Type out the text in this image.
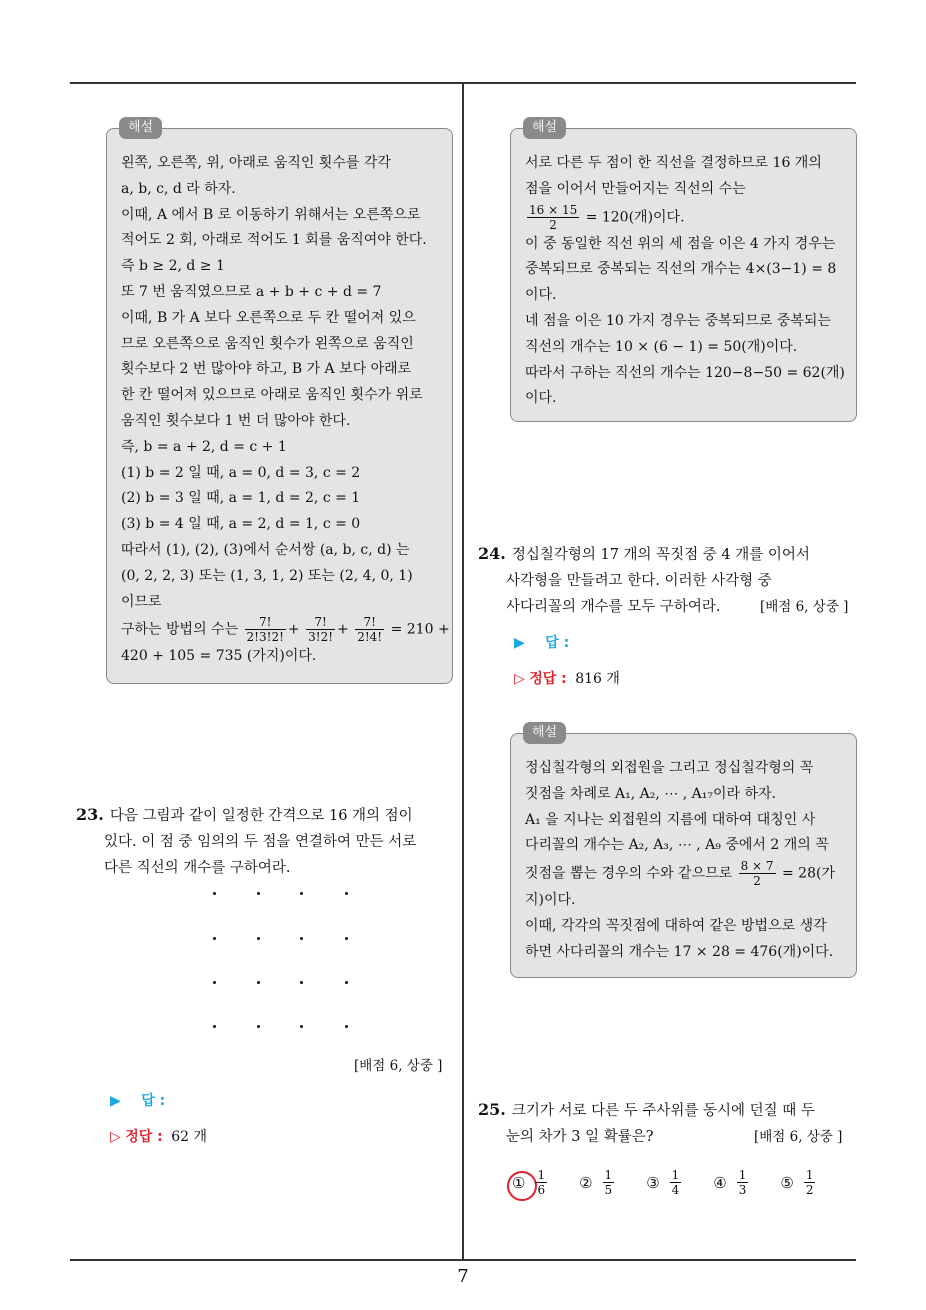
해설
왼쪽, 오른쪽, 위, 아래로 움직인 횟수를 각각
a, b, c, d 라 하자.
이때, A 에서 B 로 이동하기 위해서는 오른쪽으로
적어도 2 회, 아래로 적어도 1 회를 움직여야 한다.
즉 b ≥ 2, d ≥ 1
또 7 번 움직였으므로 a + b + c + d = 7
이때, B 가 A 보다 오른쪽으로 두 칸 떨어져 있으
므로 오른쪽으로 움직인 횟수가 왼쪽으로 움직인
횟수보다 2 번 많아야 하고, B 가 A 보다 아래로
한 칸 떨어져 있으므로 아래로 움직인 횟수가 위로
움직인 횟수보다 1 번 더 많아야 한다.
즉, b = a + 2, d = c + 1
(1) b = 2 일 때, a = 0, d = 3, c = 2
(2) b = 3 일 때, a = 1, d = 2, c = 1
(3) b = 4 일 때, a = 2, d = 1, c = 0
따라서 (1), (2), (3)에서 순서쌍 (a, b, c, d) 는
(0, 2, 2, 3) 또는 (1, 3, 1, 2) 또는 (2, 4, 0, 1)
이므로
구하는 방법의 수는 $\frac{7!}{2!3!2!} + \frac{7!}{3!2!} + \frac{7!}{2!4!} = 210$ +
420 + 105 = 735 (가지)이다.
23. 다음 그림과 같이 일정한 간격으로 16 개의 점이
있다. 이 점 중 임의의 두 점을 연결하여 만든 서로
다른 직선의 개수를 구하여라.
[배점 6, 상중 ]
▶ 답 :
▷ 정답 : 62 개
해설
서로 다른 두 점이 한 직선을 결정하므로 16 개의
점을 이어서 만들어지는 직선의 수는
$\frac{16 \times 15}{2} = 120$(개)이다.
이 중 동일한 직선 위의 세 점을 이은 4 가지 경우는
중복되므로 중복되는 직선의 개수는 4×(3−1) = 8
이다.
네 점을 이은 10 가지 경우는 중복되므로 중복되는
직선의 개수는 10 × (6 − 1) = 50(개)이다.
따라서 구하는 직선의 개수는 120−8−50 = 62(개)
이다.
24. 정십칠각형의 17 개의 꼭짓점 중 4 개를 이어서
사각형을 만들려고 한다. 이러한 사각형 중
사다리꼴의 개수를 모두 구하여라.	[배점 6, 상중 ]
▶ 답 :
▷ 정답 : 816 개
해설
정십칠각형의 외접원을 그리고 정십칠각형의 꼭
짓점을 차례로 A₁, A₂, ⋯ , A₁₇이라 하자.
A₁ 을 지나는 외접원의 지름에 대하여 대칭인 사
다리꼴의 개수는 A₂, A₃, ⋯ , A₉ 중에서 2 개의 꼭
짓점을 뽑는 경우의 수와 같으므로 $\frac{8 \times 7}{2} = 28$(가
지)이다.
이때, 각각의 꼭짓점에 대하여 같은 방법으로 생각
하면 사다리꼴의 개수는 17 × 28 = 476(개)이다.
25. 크기가 서로 다른 두 주사위를 동시에 던질 때 두
눈의 차가 3 일 확률은?	[배점 6, 상중 ]
① 1
6 ② 1
5 ③ 1
4 ④ 1
3 ⑤ 1
2
7
